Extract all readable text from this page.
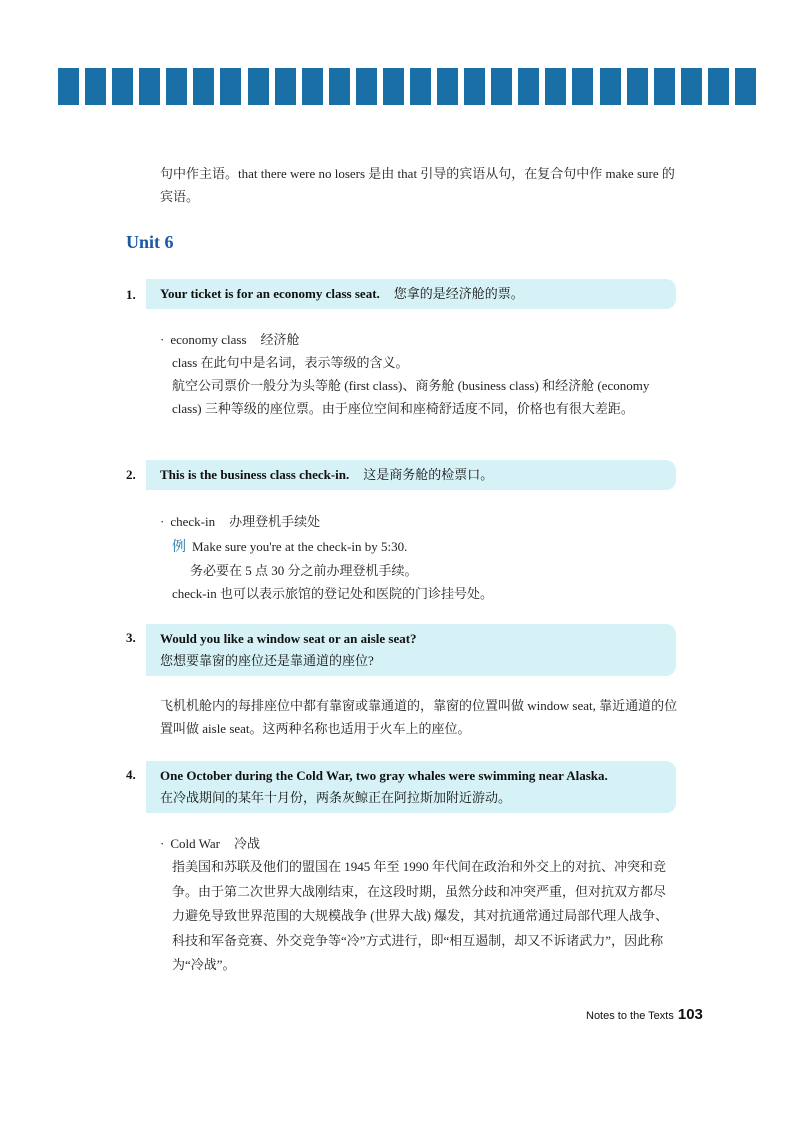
句中作主语。that there were no losers 是由 that 引导的宾语从句，在复合句中作 make sure 的宾语。

Unit 6
1.	Your ticket is for an economy class seat. 您拿的是经济舱的票。
· economy class 经济舱
class 在此句中是名词，表示等级的含义。
航空公司票价一般分为头等舱 (first class)、商务舱 (business class) 和经济舱 (economy class) 三种等级的座位票。由于座位空间和座椅舒适度不同，价格也有很大差距。
2.	This is the business class check-in. 这是商务舱的检票口。
· check-in 办理登机手续处
例 Make sure you're at the check-in by 5:30.
务必要在 5 点 30 分之前办理登机手续。
check-in 也可以表示旅馆的登记处和医院的门诊挂号处。
3. Would you like a window seat or an aisle seat?
您想要靠窗的座位还是靠通道的座位?

飞机机舱内的每排座位中都有靠窗或靠通道的，靠窗的位置叫做 window seat, 靠近通道的位置叫做 aisle seat。这两种名称也适用于火车上的座位。

4. One October during the Cold War, two gray whales were swimming near Alaska.
在冷战期间的某年十月份，两条灰鲸正在阿拉斯加附近游动。
· Cold War 冷战
指美国和苏联及他们的盟国在 1945 年至 1990 年代间在政治和外交上的对抗、冲突和竞争。由于第二次世界大战刚结束，在这段时期，虽然分歧和冲突严重，但对抗双方都尽力避免导致世界范围的大规模战争 (世界大战) 爆发，其对抗通常通过局部代理人战争、科技和军备竞赛、外交竞争等“冷”方式进行，即“相互遏制，却又不诉诸武力”，因此称为“冷战”。
Notes to the Texts 103
